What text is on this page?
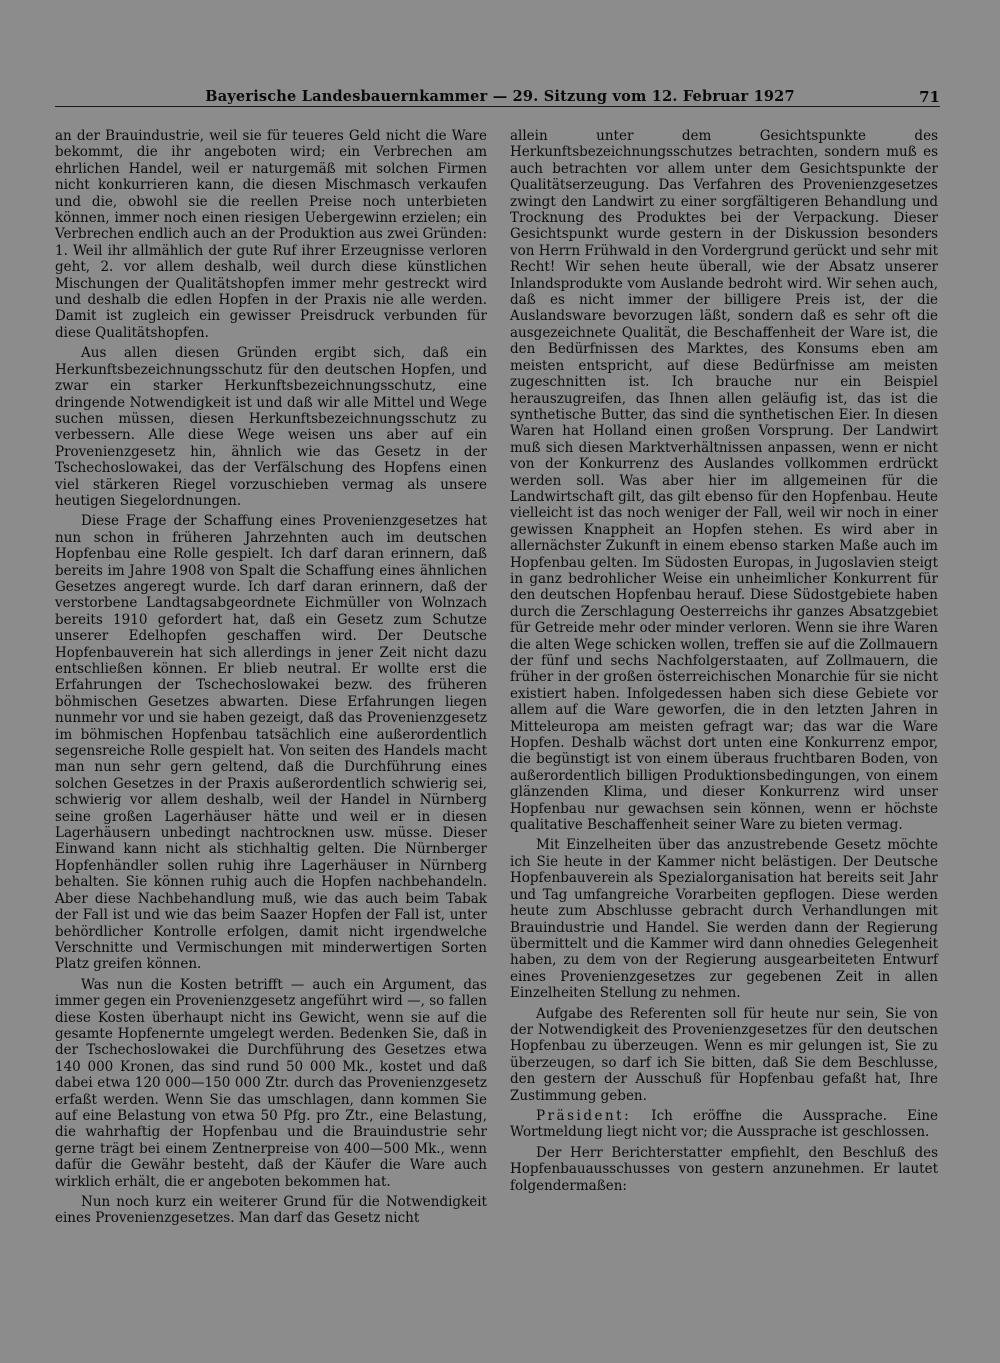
Bayerische Landesbauernkammer — 29. Sitzung vom 12. Februar 1927	71

an der Brauindustrie, weil sie für teueres Geld nicht die Ware bekommt, die ihr angeboten wird; ein Verbrechen am ehrlichen Handel, weil er naturgemäß mit solchen Firmen nicht konkurrieren kann, die diesen Mischmasch verkaufen und die, obwohl sie die reellen Preise noch unterbieten können, immer noch einen riesigen Uebergewinn erzielen; ein Verbrechen endlich auch an der Produktion aus zwei Gründen: 1. Weil ihr allmählich der gute Ruf ihrer Erzeugnisse verloren geht, 2. vor allem deshalb, weil durch diese künstlichen Mischungen der Qualitätshopfen immer mehr gestreckt wird und deshalb die edlen Hopfen in der Praxis nie alle werden. Damit ist zugleich ein gewisser Preisdruck verbunden für diese Qualitätshopfen.

Aus allen diesen Gründen ergibt sich, daß ein Herkunftsbezeichnungsschutz für den deutschen Hopfen, und zwar ein starker Herkunftsbezeichnungsschutz, eine dringende Notwendigkeit ist und daß wir alle Mittel und Wege suchen müssen, diesen Herkunftsbezeichnungsschutz zu verbessern. Alle diese Wege weisen uns aber auf ein Provenienzgesetz hin, ähnlich wie das Gesetz in der Tschechoslowakei, das der Verfälschung des Hopfens einen viel stärkeren Riegel vorzuschieben vermag als unsere heutigen Siegelordnungen.

Diese Frage der Schaffung eines Provenienzgesetzes hat nun schon in früheren Jahrzehnten auch im deutschen Hopfenbau eine Rolle gespielt. Ich darf daran erinnern, daß bereits im Jahre 1908 von Spalt die Schaffung eines ähnlichen Gesetzes angeregt wurde. Ich darf daran erinnern, daß der verstorbene Landtagsabgeordnete Eichmüller von Wolnzach bereits 1910 gefordert hat, daß ein Gesetz zum Schutze unserer Edelhopfen geschaffen wird. Der Deutsche Hopfenbauverein hat sich allerdings in jener Zeit nicht dazu entschließen können. Er blieb neutral. Er wollte erst die Erfahrungen der Tschechoslowakei bezw. des früheren böhmischen Gesetzes abwarten. Diese Erfahrungen liegen nunmehr vor und sie haben gezeigt, daß das Provenienzgesetz im böhmischen Hopfenbau tatsächlich eine außerordentlich segensreiche Rolle gespielt hat. Von seiten des Handels macht man nun sehr gern geltend, daß die Durchführung eines solchen Gesetzes in der Praxis außerordentlich schwierig sei, schwierig vor allem deshalb, weil der Handel in Nürnberg seine großen Lagerhäuser hätte und weil er in diesen Lagerhäusern unbedingt nachtrocknen usw. müsse. Dieser Einwand kann nicht als stichhaltig gelten. Die Nürnberger Hopfenhändler sollen ruhig ihre Lagerhäuser in Nürnberg behalten. Sie können ruhig auch die Hopfen nachbehandeln. Aber diese Nachbehandlung muß, wie das auch beim Tabak der Fall ist und wie das beim Saazer Hopfen der Fall ist, unter behördlicher Kontrolle erfolgen, damit nicht irgendwelche Verschnitte und Vermischungen mit minderwertigen Sorten Platz greifen können.

Was nun die Kosten betrifft — auch ein Argument, das immer gegen ein Provenienzgesetz angeführt wird —, so fallen diese Kosten überhaupt nicht ins Gewicht, wenn sie auf die gesamte Hopfenernte umgelegt werden. Bedenken Sie, daß in der Tschechoslowakei die Durchführung des Gesetzes etwa 140 000 Kronen, das sind rund 50 000 Mk., kostet und daß dabei etwa 120 000—150 000 Ztr. durch das Provenienzgesetz erfaßt werden. Wenn Sie das umschlagen, dann kommen Sie auf eine Belastung von etwa 50 Pfg. pro Ztr., eine Belastung, die wahrhaftig der Hopfenbau und die Brauindustrie sehr gerne trägt bei einem Zentnerpreise von 400—500 Mk., wenn dafür die Gewähr besteht, daß der Käufer die Ware auch wirklich erhält, die er angeboten bekommen hat.

Nun noch kurz ein weiterer Grund für die Notwendigkeit eines Provenienzgesetzes. Man darf das Gesetz nicht

allein unter dem Gesichtspunkte des Herkunftsbezeichnungsschutzes betrachten, sondern muß es auch betrachten vor allem unter dem Gesichtspunkte der Qualitätserzeugung. Das Verfahren des Provenienzgesetzes zwingt den Landwirt zu einer sorgfältigeren Behandlung und Trocknung des Produktes bei der Verpackung. Dieser Gesichtspunkt wurde gestern in der Diskussion besonders von Herrn Frühwald in den Vordergrund gerückt und sehr mit Recht! Wir sehen heute überall, wie der Absatz unserer Inlandsprodukte vom Auslande bedroht wird. Wir sehen auch, daß es nicht immer der billigere Preis ist, der die Auslandsware bevorzugen läßt, sondern daß es sehr oft die ausgezeichnete Qualität, die Beschaffenheit der Ware ist, die den Bedürfnissen des Marktes, des Konsums eben am meisten entspricht, auf diese Bedürfnisse am meisten zugeschnitten ist. Ich brauche nur ein Beispiel herauszugreifen, das Ihnen allen geläufig ist, das ist die synthetische Butter, das sind die synthetischen Eier. In diesen Waren hat Holland einen großen Vorsprung. Der Landwirt muß sich diesen Marktverhältnissen anpassen, wenn er nicht von der Konkurrenz des Auslandes vollkommen erdrückt werden soll. Was aber hier im allgemeinen für die Landwirtschaft gilt, das gilt ebenso für den Hopfenbau. Heute vielleicht ist das noch weniger der Fall, weil wir noch in einer gewissen Knappheit an Hopfen stehen. Es wird aber in allernächster Zukunft in einem ebenso starken Maße auch im Hopfenbau gelten. Im Südosten Europas, in Jugoslavien steigt in ganz bedrohlicher Weise ein unheimlicher Konkurrent für den deutschen Hopfenbau herauf. Diese Südostgebiete haben durch die Zerschlagung Oesterreichs ihr ganzes Absatzgebiet für Getreide mehr oder minder verloren. Wenn sie ihre Waren die alten Wege schicken wollen, treffen sie auf die Zollmauern der fünf und sechs Nachfolgerstaaten, auf Zollmauern, die früher in der großen österreichischen Monarchie für sie nicht existiert haben. Infolgedessen haben sich diese Gebiete vor allem auf die Ware geworfen, die in den letzten Jahren in Mitteleuropa am meisten gefragt war; das war die Ware Hopfen. Deshalb wächst dort unten eine Konkurrenz empor, die begünstigt ist von einem überaus fruchtbaren Boden, von außerordentlich billigen Produktionsbedingungen, von einem glänzenden Klima, und dieser Konkurrenz wird unser Hopfenbau nur gewachsen sein können, wenn er höchste qualitative Beschaffenheit seiner Ware zu bieten vermag.

Mit Einzelheiten über das anzustrebende Gesetz möchte ich Sie heute in der Kammer nicht belästigen. Der Deutsche Hopfenbauverein als Spezialorganisation hat bereits seit Jahr und Tag umfangreiche Vorarbeiten gepflogen. Diese werden heute zum Abschlusse gebracht durch Verhandlungen mit Brauindustrie und Handel. Sie werden dann der Regierung übermittelt und die Kammer wird dann ohnedies Gelegenheit haben, zu dem von der Regierung ausgearbeiteten Entwurf eines Provenienzgesetzes zur gegebenen Zeit in allen Einzelheiten Stellung zu nehmen.

Aufgabe des Referenten soll für heute nur sein, Sie von der Notwendigkeit des Provenienzgesetzes für den deutschen Hopfenbau zu überzeugen. Wenn es mir gelungen ist, Sie zu überzeugen, so darf ich Sie bitten, daß Sie dem Beschlusse, den gestern der Ausschuß für Hopfenbau gefaßt hat, Ihre Zustimmung geben.

Präsident: Ich eröffne die Aussprache. Eine Wortmeldung liegt nicht vor; die Aussprache ist geschlossen.

Der Herr Berichterstatter empfiehlt, den Beschluß des Hopfenbauausschusses von gestern anzunehmen. Er lautet folgendermaßen:
